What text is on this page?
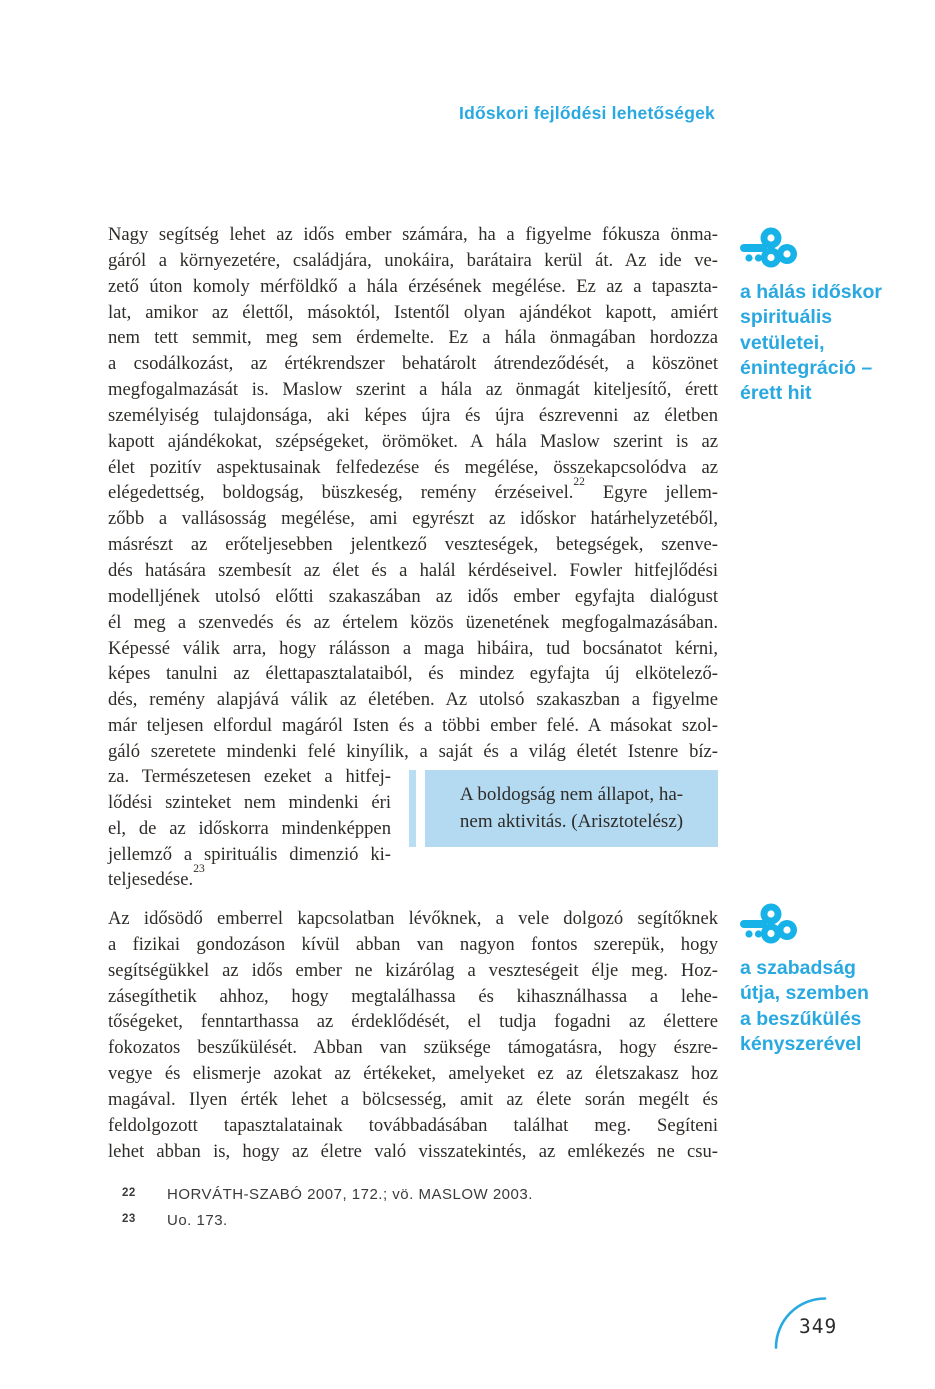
Időskori fejlődési lehetőségek
Nagy segítség lehet az idős ember számára, ha a figyelme fókusza önma-
gáról a környezetére, családjára, unokáira, barátaira kerül át. Az ide ve-
zető úton komoly mérföldkő a hála érzésének megélése. Ez az a tapaszta-
lat, amikor az élettől, másoktól, Istentől olyan ajándékot kapott, amiért
nem tett semmit, meg sem érdemelte. Ez a hála önmagában hordozza
a csodálkozást, az értékrendszer behatárolt átrendeződését, a köszönet
megfogalmazását is. Maslow szerint a hála az önmagát kiteljesítő, érett
személyiség tulajdonsága, aki képes újra és újra észrevenni az életben
kapott ajándékokat, szépségeket, örömöket. A hála Maslow szerint is az
élet pozitív aspektusainak felfedezése és megélése, összekapcsolódva az
elégedettség, boldogság, büszkeség, remény érzéseivel.$^{22}$ Egyre jellem-
zőbb a vallásosság megélése, ami egyrészt az időskor határhelyzetéből,
másrészt az erőteljesebben jelentkező veszteségek, betegségek, szenve-
dés hatására szembesít az élet és a halál kérdéseivel. Fowler hitfejlődési
modelljének utolsó előtti szakaszában az idős ember egyfajta dialógust
él meg a szenvedés és az értelem közös üzenetének megfogalmazásában.
Képessé válik arra, hogy rálásson a maga hibáira, tud bocsánatot kérni,
képes tanulni az élettapasztalataiból, és mindez egyfajta új elkötelező-
dés, remény alapjává válik az életében. Az utolsó szakaszban a figyelme
már teljesen elfordul magáról Isten és a többi ember felé. A másokat szol-
gáló szeretete mindenki felé kinyílik, a saját és a világ életét Istenre bíz-
za. Természetesen ezeket a hitfej-
lődési szinteket nem mindenki éri
el, de az időskorra mindenképpen
jellemző a spirituális dimenzió ki-
teljesedése.$^{23}$
A boldogság nem állapot, ha-
nem aktivitás. (Arisztotelész)
a hálás időskor
spirituális
vetületei,
énintegráció –
érett hit
Az idősödő emberrel kapcsolatban lévőknek, a vele dolgozó segítőknek
a fizikai gondozáson kívül abban van nagyon fontos szerepük, hogy
segítségükkel az idős ember ne kizárólag a veszteségeit élje meg. Hoz-
zásegíthetik ahhoz, hogy megtalálhassa és kihasználhassa a lehe-
tőségeket, fenntarthassa az érdeklődését, el tudja fogadni az élettere
fokozatos beszűkülését. Abban van szüksége támogatásra, hogy észre-
vegye és elismerje azokat az értékeket, amelyeket ez az életszakasz hoz
magával. Ilyen érték lehet a bölcsesség, amit az élete során megélt és
feldolgozott tapasztalatainak továbbadásában találhat meg. Segíteni
lehet abban is, hogy az életre való visszatekintés, az emlékezés ne csu-
a szabadság
útja, szemben
a beszűkülés
kényszerével
22	HORVÁTH-SZABÓ 2007, 172.; vö. MASLOW 2003.
23	Uo. 173.
349
